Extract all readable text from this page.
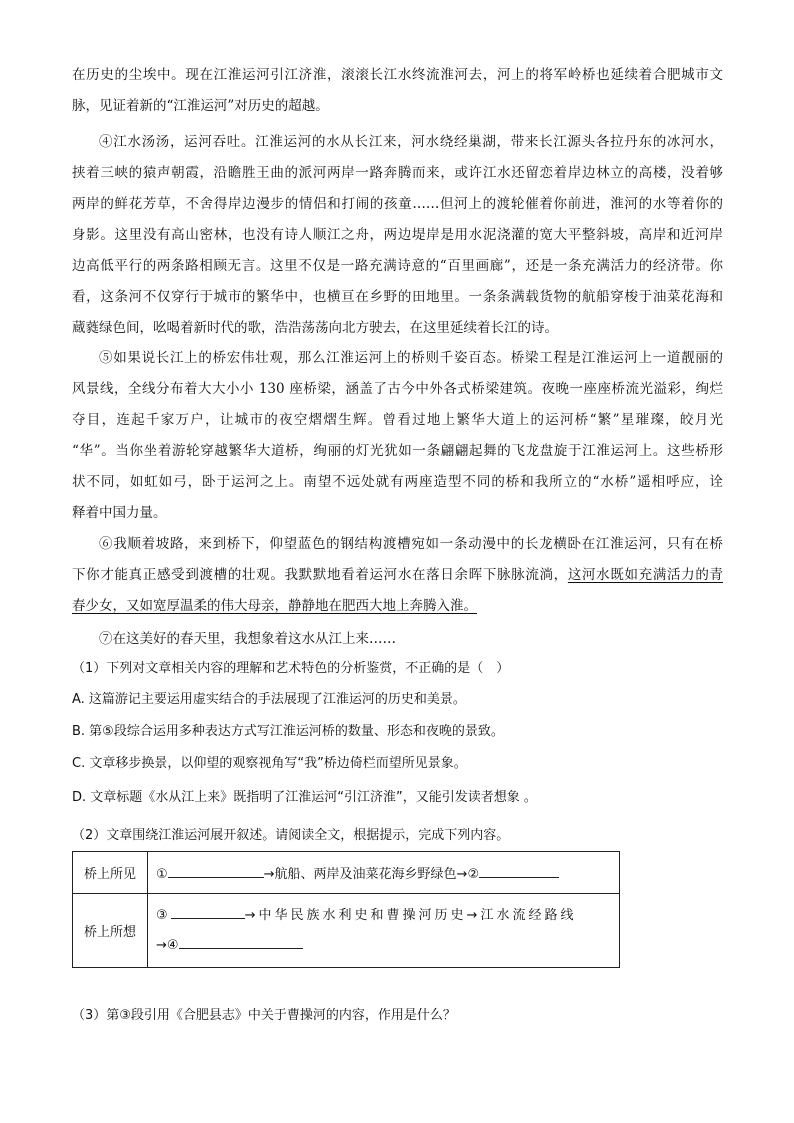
在历史的尘埃中。现在江淮运河引江济淮，滚滚长江水终流淮河去，河上的将军岭桥也延续着合肥城市文
脉，见证着新的“江淮运河”对历史的超越。
④江水汤汤，运河吞吐。江淮运河的水从长江来，河水绕经巢湖，带来长江源头各拉丹东的冰河水，
挟着三峡的猿声朝霞，沿瞻胜王曲的派河两岸一路奔腾而来，或许江水还留恋着岸边林立的高楼，没着够
两岸的鲜花芳草，不舍得岸边漫步的情侣和打闹的孩童……但河上的渡轮催着你前进，淮河的水等着你的
身影。这里没有高山密林，也没有诗人顺江之舟，两边堤岸是用水泥浇灌的宽大平整斜坡，高岸和近河岸
边高低平行的两条路相顾无言。这里不仅是一路充满诗意的“百里画廊”，还是一条充满活力的经济带。你
看，这条河不仅穿行于城市的繁华中，也横亘在乡野的田地里。一条条满载货物的航船穿梭于油菜花海和
蔵蕤绿色间，吆喝着新时代的歌，浩浩荡荡向北方驶去，在这里延续着长江的诗。
⑤如果说长江上的桥宏伟壮观，那么江淮运河上的桥则千姿百态。桥梁工程是江淮运河上一道靓丽的
风景线，全线分布着大大小小 130 座桥梁，涵盖了古今中外各式桥梁建筑。夜晚一座座桥流光溢彩，绚烂
夺目，连起千家万户，让城市的夜空熠熠生辉。曾看过地上繁华大道上的运河桥“繁”星璀璨，皎月光
“华”。当你坐着游轮穿越繁华大道桥，绚丽的灯光犹如一条翩翩起舞的飞龙盘旋于江淮运河上。这些桥形
状不同，如虹如弓，卧于运河之上。南望不远处就有两座造型不同的桥和我所立的“水桥”遥相呼应，诠
释着中国力量。
⑥我顺着坡路，来到桥下，仰望蓝色的钢结构渡槽宛如一条动漫中的长龙横卧在江淮运河，只有在桥
下你才能真正感受到渡槽的壮观。我默默地看着运河水在落日余晖下脉脉流淌，这河水既如充满活力的青
春少女，又如宽厚温柔的伟大母亲，静静地在肥西大地上奔腾入淮。
⑦在这美好的春天里，我想象着这水从江上来……

（1）下列对文章相关内容的理解和艺术特色的分析鉴赏，不正确的是（　）

A. 这篇游记主要运用虚实结合的手法展现了江淮运河的历史和美景。

B. 第⑤段综合运用多种表达方式写江淮运河桥的数量、形态和夜晚的景致。

C. 文章移步换景，以仰望的观察视角写“我”桥边倚栏而望所见景象。

D. 文章标题《水从江上来》既指明了江淮运河“引江济淮”，又能引发读者想象 。

（2）文章围绕江淮运河展开叙述。请阅读全文，根据提示，完成下列内容。

桥上所见	① →航船、两岸及油菜花海乡野绿色→②
桥上所想	③ →中华民族水利史和曹操河历史→江水流经路线
→④

（3）第③段引用《合肥县志》中关于曹操河的内容，作用是什么？
